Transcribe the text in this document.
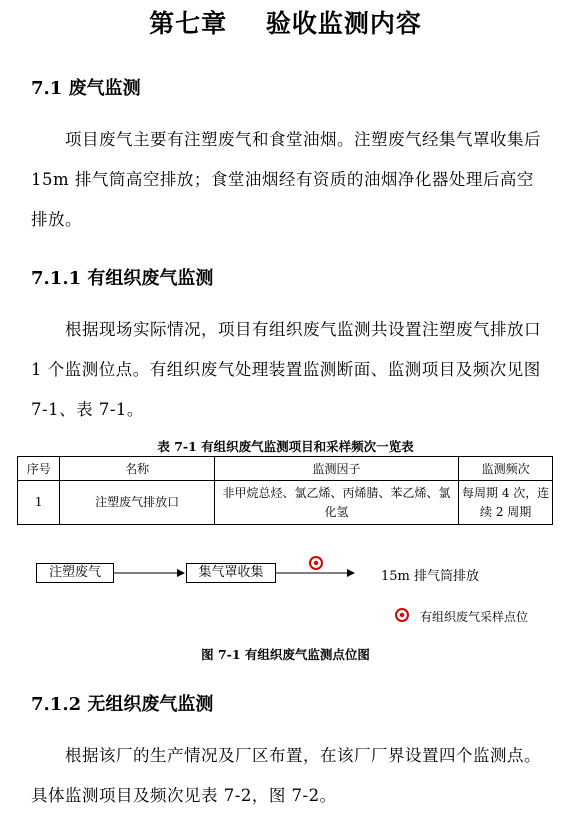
第七章    验收监测内容
7.1 废气监测

项目废气主要有注塑废气和食堂油烟。注塑废气经集气罩收集后 15m 排气筒高空排放；食堂油烟经有资质的油烟净化器处理后高空排放。

7.1.1 有组织废气监测

根据现场实际情况，项目有组织废气监测共设置注塑废气排放口 1 个监测位点。有组织废气处理装置监测断面、监测项目及频次见图 7-1、表 7-1。

表 7-1 有组织废气监测项目和采样频次一览表
序号	名称	监测因子	监测频次
1	注塑废气排放口	非甲烷总烃、氯乙烯、丙烯腈、苯乙烯、氯化氢	每周期 4 次，连续 2 周期
注塑废气	集气罩收集	15m 排气筒排放
有组织废气采样点位
图 7-1 有组织废气监测点位图
7.1.2 无组织废气监测

根据该厂的生产情况及厂区布置，在该厂厂界设置四个监测点。具体监测项目及频次见表 7-2，图 7-2。
